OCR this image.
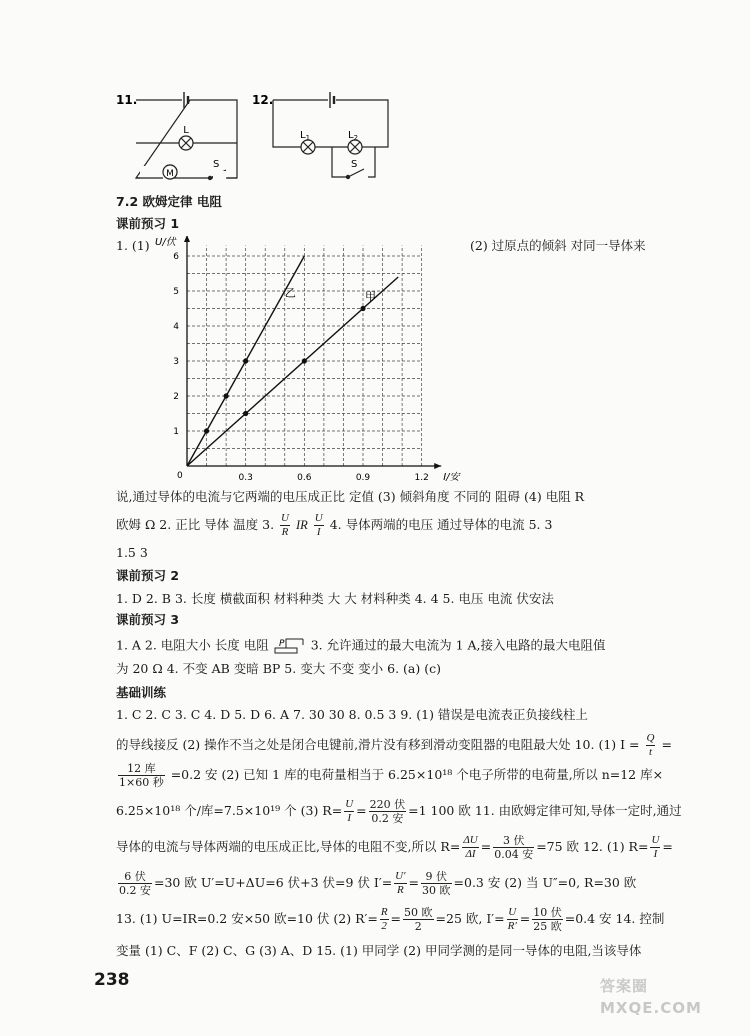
11.
L
M
S
12.
$L_1$	$L_2$
S
7.2 欧姆定律 电阻
课前预习 1
1. (1)	(2) 过原点的倾斜 对同一导体来
0.3	0.6	0.9	1.2
1
2
3
4
5
6
0	I/安
U/伏
乙	甲
说,通过导体的电流与它两端的电压成正比 定值 (3) 倾斜角度 不同的 阻碍 (4) 电阻 R
欧姆 Ω 2. 正比 导体 温度 3. $\frac{U}{R}$ IR $\frac{U}{I} 4$. 导体两端的电压 通过导体的电流 5. 3
1.5 3
课前预习 2
1. D 2. B 3. 长度 横截面积 材料种类 大 大 材料种类 4. 4 5. 电压 电流 伏安法
课前预习 3
1. A 2. 电阻大小 长度 电阻 P 3. 允许通过的最大电流为 1 A,接入电路的最大电阻值
为 20 Ω 4. 不变 AB 变暗 BP 5. 变大 不变 变小 6. (a) (c)
基础训练
1. C 2. C 3. C 4. D 5. D 6. A 7. 30 30 8. 0.5 3 9. (1) 错误是电流表正负接线柱上
的导线接反 (2) 操作不当之处是闭合电键前,滑片没有移到滑动变阻器的电阻最大处 10. (1) $I = \frac{Q}{t}$ =
$\frac{\text{12 库}}{\text{1×60 秒}} =0.2$ 安 (2) 已知 1 库的电荷量相当于 6.25×10¹⁸ 个电子所带的电荷量,所以 n=12 库×
6.25×10¹⁸ 个/库=7.5×10¹⁹ 个 (3) $R= \frac{U}{I} = \frac{\text{220 伏}}{\text{0.2 安}} =1$ 100 欧 11. 由欧姆定律可知,导体一定时,通过
导体的电流与导体两端的电压成正比,导体的电阻不变,所以 $R= \frac{\Delta U}{\Delta I} = \frac{\text{3 伏}}{\text{0.04 安}} =75$ 欧 12. (1) $R= \frac{U}{I}$ =
$\frac{\text{6 伏}}{\text{0.2 安}} =30$ 欧 U′=U+ΔU=6 伏+3 伏=9 伏 $I'= \frac{U'}{R} = \frac{\text{9 伏}}{\text{30 欧}} =0.3$ 安 (2) 当 U″=0, R=30 欧
13. (1) U=IR=0.2 安×50 欧=10 伏 (2) $R'= \frac{R}{2} = \frac{\text{50 欧}}{2} =25$ 欧, $I'= \frac{U}{R'} = \frac{\text{10 伏}}{\text{25 欧}} =0.4$ 安 14. 控制
变量 (1) C、F (2) C、G (3) A、D 15. (1) 甲同学 (2) 甲同学测的是同一导体的电阻,当该导体
238	答案圈 MXQE.COM
